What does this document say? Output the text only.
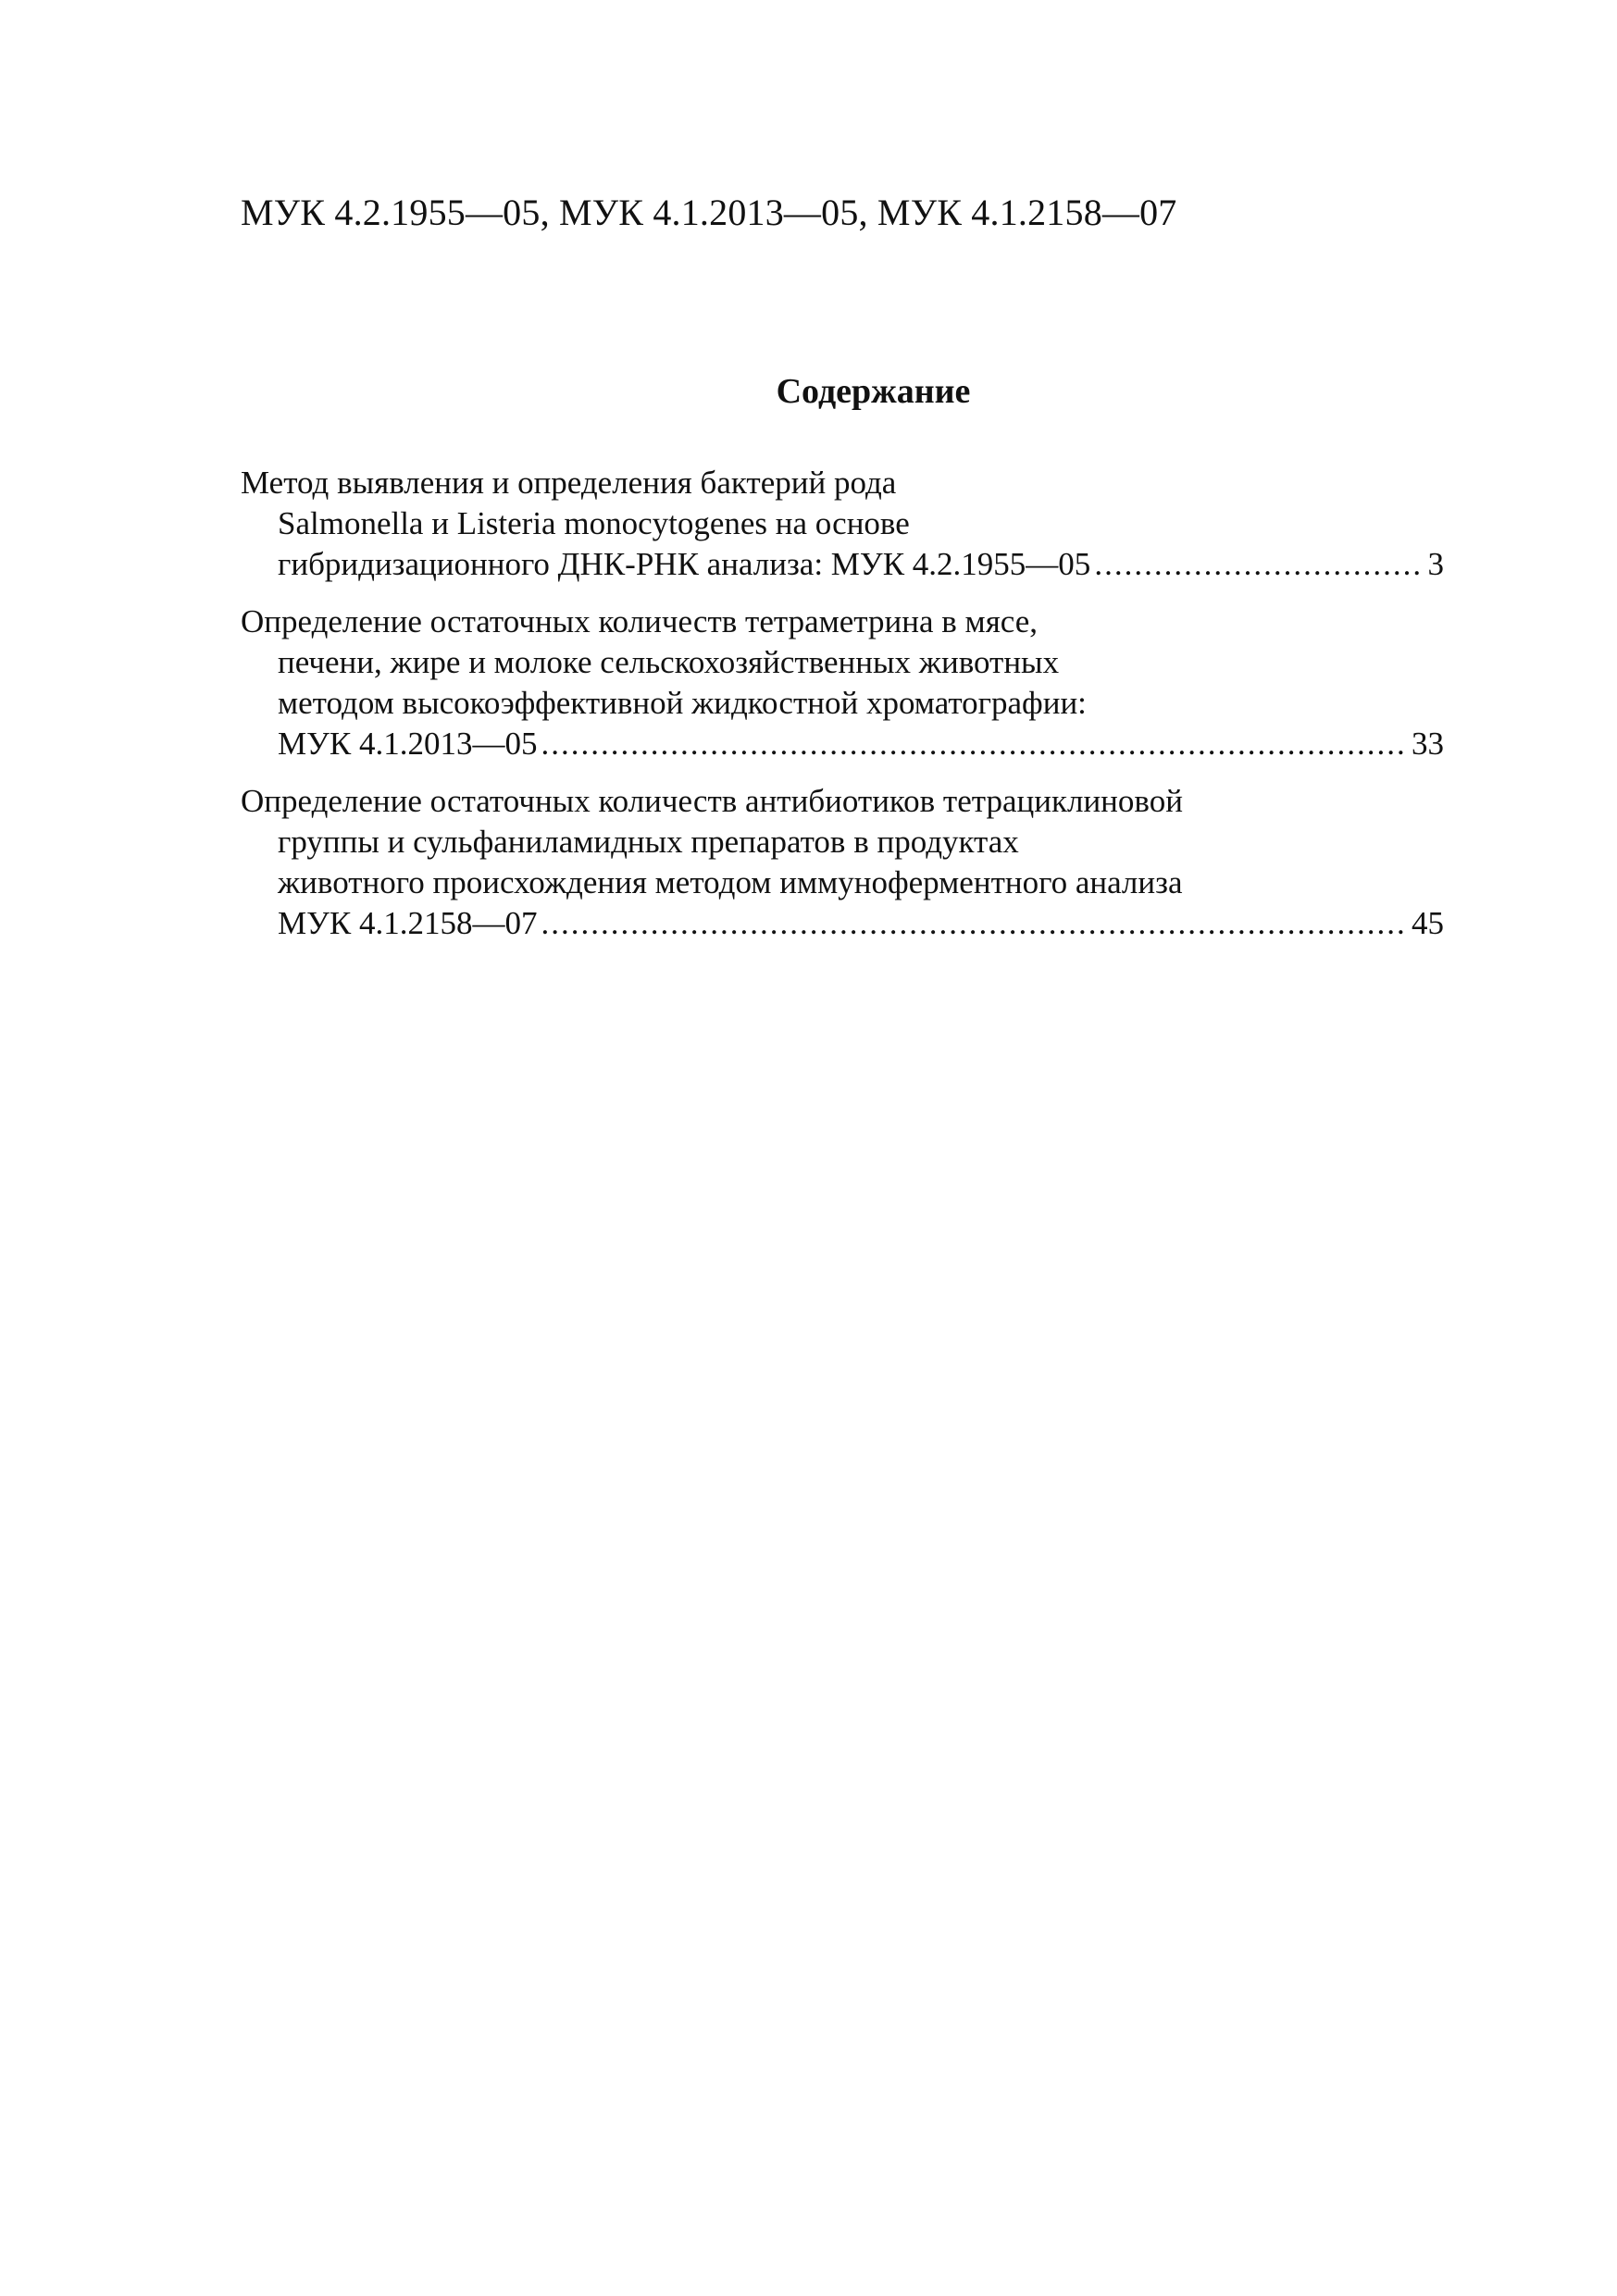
МУК 4.2.1955—05, МУК 4.1.2013—05, МУК 4.1.2158—07
Содержание
Метод выявления и определения бактерий рода
Salmonella и Listeria monocytogenes на основе
гибридизационного ДНК-РНК анализа: МУК 4.2.1955—05 .....	3
Определение остаточных количеств тетраметрина в мясе,
печени, жире и молоке сельскохозяйственных животных
методом высокоэффективной жидкостной хроматографии:
МУК 4.1.2013—05 .....	33
Определение остаточных количеств антибиотиков тетрациклиновой
группы и сульфаниламидных препаратов в продуктах
животного происхождения методом иммуноферментного анализа
МУК 4.1.2158—07 .....	45
